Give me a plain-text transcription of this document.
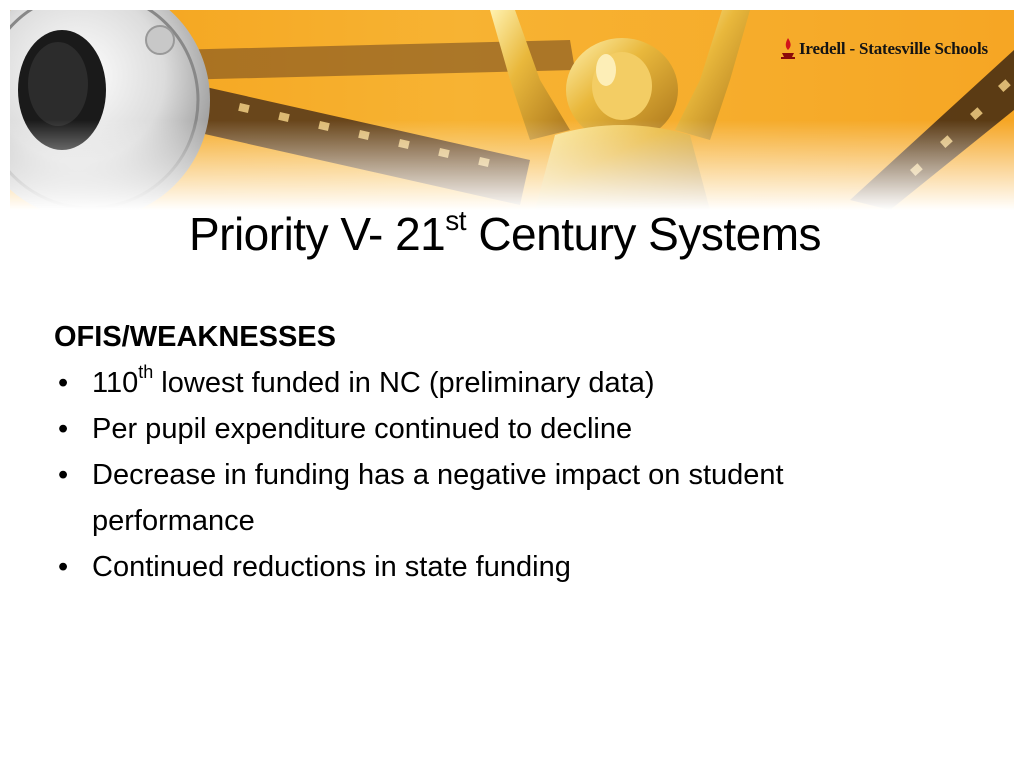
Iredell - Statesville Schools
Priority V- 21st Century Systems

OFIS/WEAKNESSES

• 110th lowest funded in NC (preliminary data)
• Per pupil expenditure continued to decline
• Decrease in funding has a negative impact on student performance
• Continued reductions in state funding
